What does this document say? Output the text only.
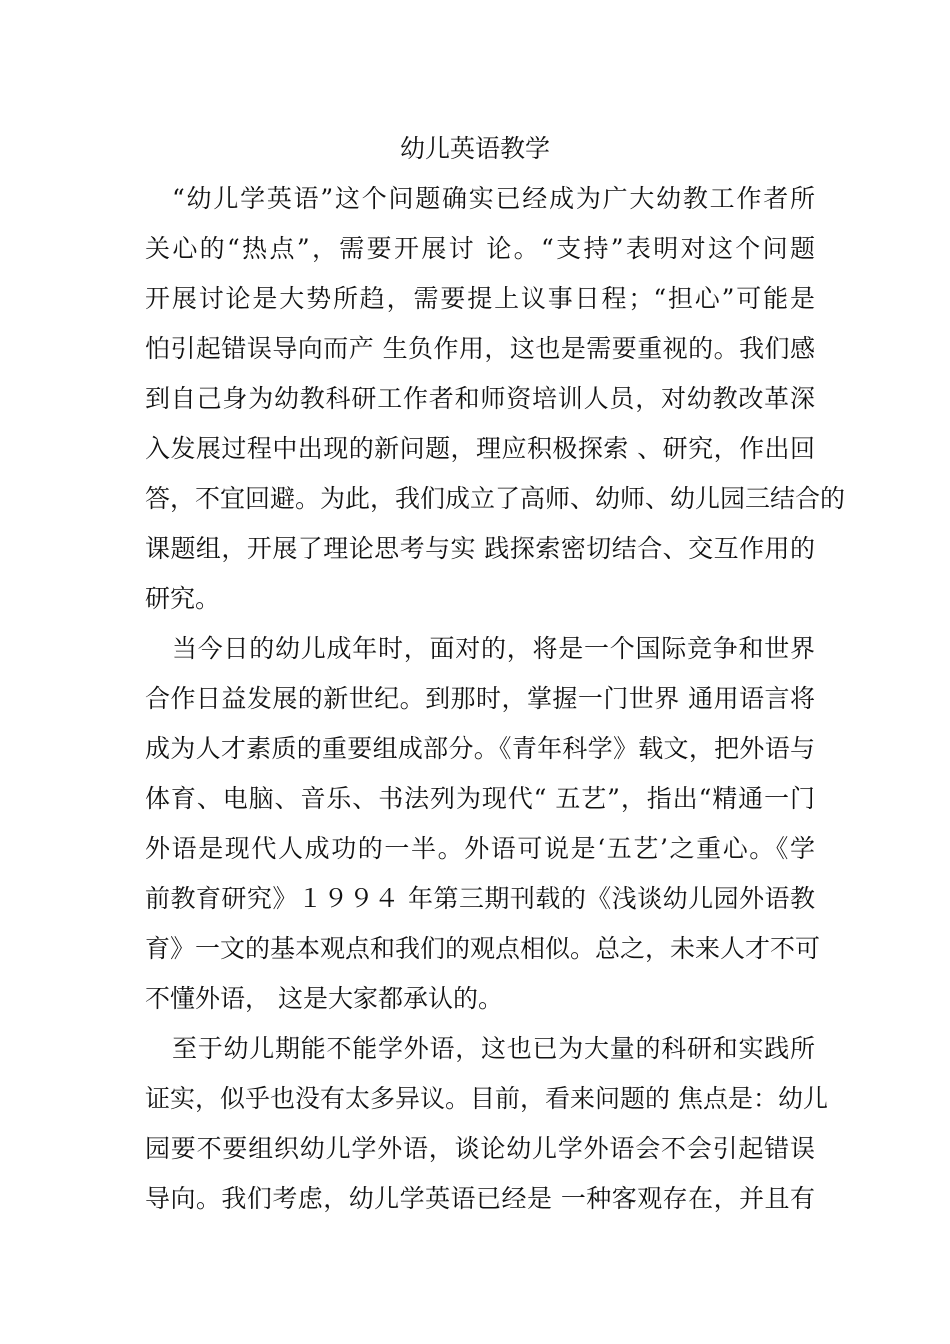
幼儿英语教学

“幼儿学英语”这个问题确实已经成为广大幼教工作者所

关心的“热点”，需要开展讨 论。“支持”表明对这个问题

开展讨论是大势所趋，需要提上议事日程；“担心”可能是

怕引起错误导向而产 生负作用，这也是需要重视的。我们感

到自己身为幼教科研工作者和师资培训人员，对幼教改革深

入发展过程中出现的新问题，理应积极探索 、研究，作出回

答，不宜回避。为此，我们成立了高师、幼师、幼儿园三结合的

课题组，开展了理论思考与实 践探索密切结合、交互作用的

研究。

当今日的幼儿成年时，面对的，将是一个国际竞争和世界

合作日益发展的新世纪。到那时，掌握一门世界 通用语言将

成为人才素质的重要组成部分。《青年科学》载文，把外语与

体育、电脑、音乐、书法列为现代“ 五艺”，指出“精通一门

外语是现代人成功的一半。外语可说是‘五艺’之重心。《学

前教育研究》１９９４ 年第三期刊载的《浅谈幼儿园外语教

育》一文的基本观点和我们的观点相似。总之，未来人才不可

不懂外语， 这是大家都承认的。

至于幼儿期能不能学外语，这也已为大量的科研和实践所

证实，似乎也没有太多异议。目前，看来问题的 焦点是：幼儿

园要不要组织幼儿学外语，谈论幼儿学外语会不会引起错误

导向。我们考虑，幼儿学英语已经是 一种客观存在，并且有
